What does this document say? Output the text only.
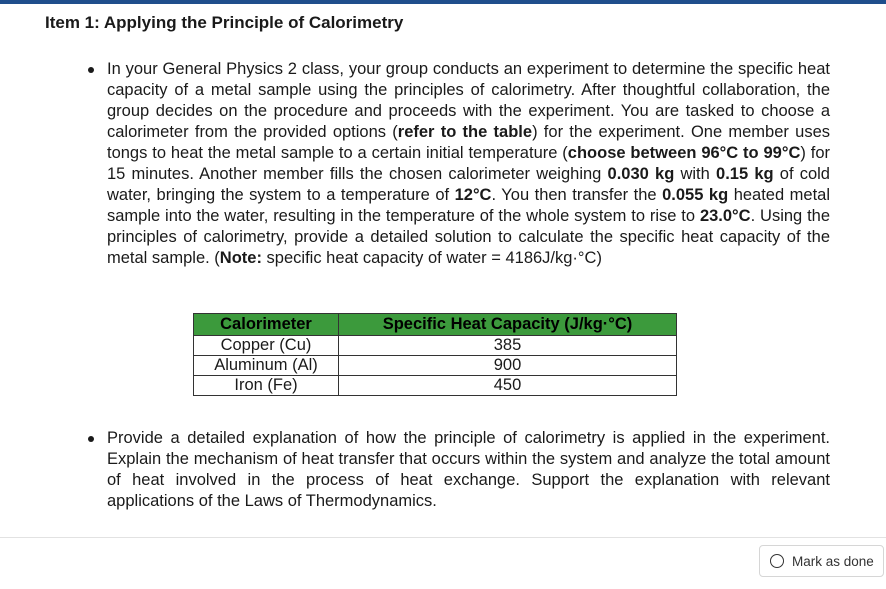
Item 1: Applying the Principle of Calorimetry
In your General Physics 2 class, your group conducts an experiment to determine the specific heat capacity of a metal sample using the principles of calorimetry. After thoughtful collaboration, the group decides on the procedure and proceeds with the experiment. You are tasked to choose a calorimeter from the provided options (refer to the table) for the experiment. One member uses tongs to heat the metal sample to a certain initial temperature (choose between 96°C to 99°C) for 15 minutes. Another member fills the chosen calorimeter weighing 0.030 kg with 0.15 kg of cold water, bringing the system to a temperature of 12°C. You then transfer the 0.055 kg heated metal sample into the water, resulting in the temperature of the whole system to rise to 23.0°C. Using the principles of calorimetry, provide a detailed solution to calculate the specific heat capacity of the metal sample. (Note: specific heat capacity of water = 4186J/kg·°C)
Calorimeter	Specific Heat Capacity (J/kg·°C)
Copper (Cu)	385
Aluminum (Al)	900
Iron (Fe)	450
Provide a detailed explanation of how the principle of calorimetry is applied in the experiment. Explain the mechanism of heat transfer that occurs within the system and analyze the total amount of heat involved in the process of heat exchange. Support the explanation with relevant applications of the Laws of Thermodynamics.
Mark as done
